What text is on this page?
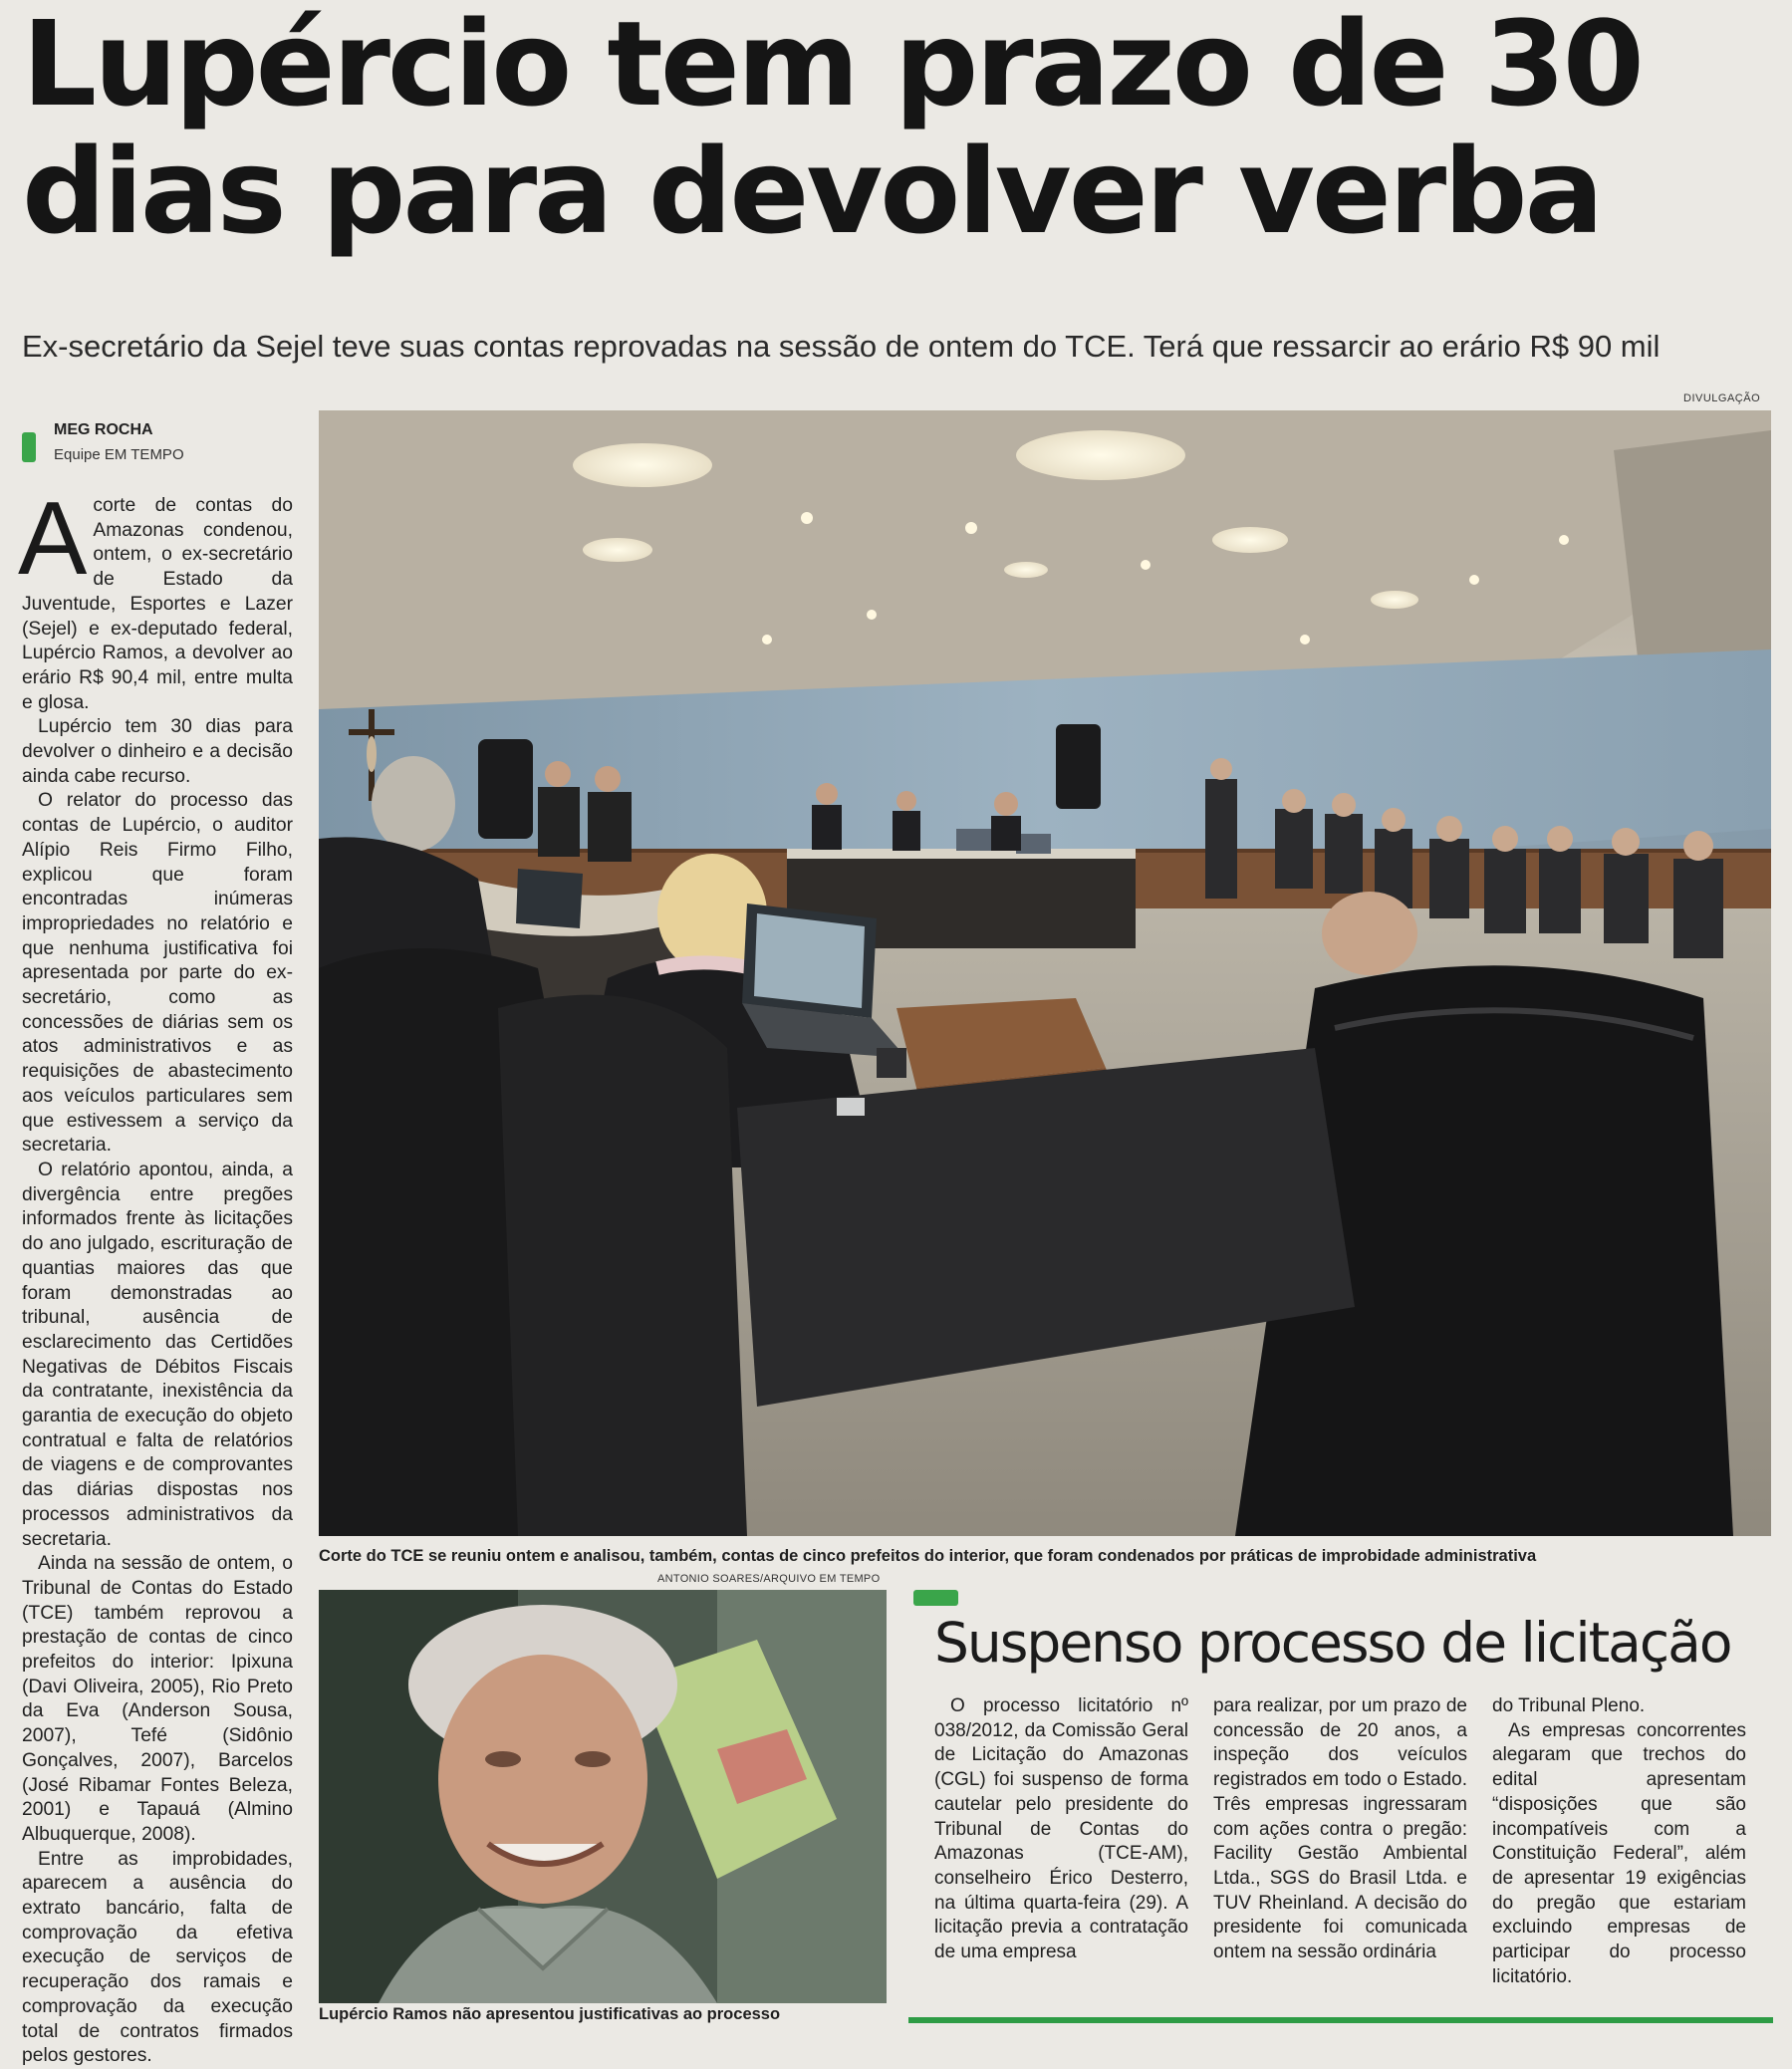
Lupércio tem prazo de 30
dias para devolver verba
Ex-secretário da Sejel teve suas contas reprovadas na sessão de ontem do TCE. Terá que ressarcir ao erário R$ 90 mil
DIVULGAÇÃO
MEG ROCHA
Equipe EM TEMPO

Acorte de contas do Amazonas condenou, ontem, o ex-secretário de Estado da Juventude, Esportes e Lazer (Sejel) e ex-deputado federal, Lupércio Ramos, a devolver ao erário R$ 90,4 mil, entre multa e glosa.

Lupércio tem 30 dias para devolver o dinheiro e a decisão ainda cabe recurso.

O relator do processo das contas de Lupércio, o auditor Alípio Reis Firmo Filho, explicou que foram encontradas inúmeras impropriedades no relatório e que nenhuma justificativa foi apresentada por parte do ex-secretário, como as concessões de diárias sem os atos administrativos e as requisições de abastecimento aos veículos particulares sem que estivessem a serviço da secretaria.

O relatório apontou, ainda, a divergência entre pregões informados frente às licitações do ano julgado, escrituração de quantias maiores das que foram demonstradas ao tribunal, ausência de esclarecimento das Certidões Negativas de Débitos Fiscais da contratante, inexistência da garantia de execução do objeto contratual e falta de relatórios de viagens e de comprovantes das diárias dispostas nos processos administrativos da secretaria.

Ainda na sessão de ontem, o Tribunal de Contas do Estado (TCE) também reprovou a prestação de contas de cinco prefeitos do interior: Ipixuna (Davi Oliveira, 2005), Rio Preto da Eva (Anderson Sousa, 2007), Tefé (Sidônio Gonçalves, 2007), Barcelos (José Ribamar Fontes Beleza, 2001) e Tapauá (Almino Albuquerque, 2008).

Entre as improbidades, aparecem a ausência do extrato bancário, falta de comprovação da efetiva execução de serviços de recuperação dos ramais e comprovação da execução total de contratos firmados pelos gestores.

Corte do TCE se reuniu ontem e analisou, também, contas de cinco prefeitos do interior, que foram condenados por práticas de improbidade administrativa
ANTONIO SOARES/ARQUIVO EM TEMPO
Lupércio Ramos não apresentou justificativas ao processo
Suspenso processo de licitação

O processo licitatório nº 038/2012, da Comissão Geral de Licitação do Amazonas (CGL) foi suspenso de forma cautelar pelo presidente do Tribunal de Contas do Amazonas (TCE-AM), conselheiro Érico Desterro, na última quarta-feira (29). A licitação previa a contratação de uma empresa

para realizar, por um prazo de concessão de 20 anos, a inspeção dos veículos registrados em todo o Estado. Três empresas ingressaram com ações contra o pregão: Facility Gestão Ambiental Ltda., SGS do Brasil Ltda. e TUV Rheinland. A decisão do presidente foi comunicada ontem na sessão ordinária

do Tribunal Pleno.

As empresas concorrentes alegaram que trechos do edital apresentam “disposições que são incompatíveis com a Constituição Federal”, além de apresentar 19 exigências do pregão que estariam excluindo empresas de participar do processo licitatório.
